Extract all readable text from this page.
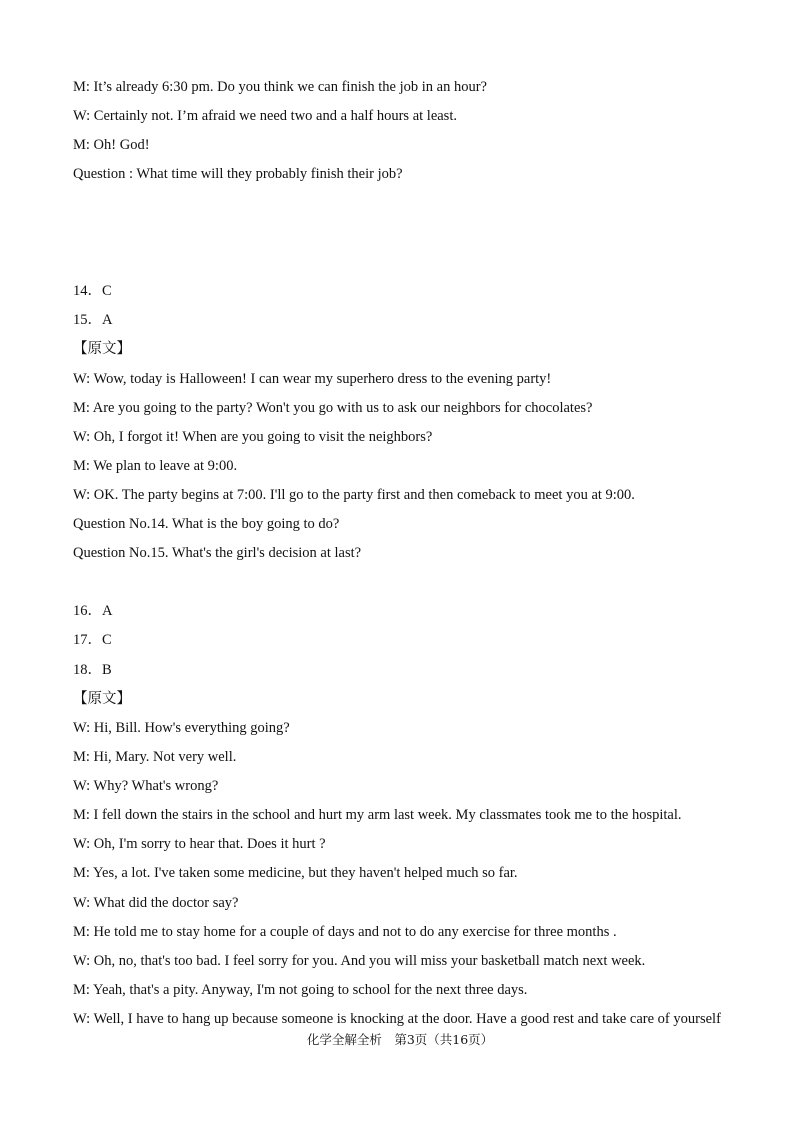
M: It’s already 6:30 pm. Do you think we can finish the job in an hour?
W: Certainly not. I’m afraid we need two and a half hours at least.
M: Oh! God!
Question : What time will they probably finish their job?
14．C
15．A
【原文】
W: Wow, today is Halloween! I can wear my superhero dress to the evening party!
M: Are you going to the party? Won't you go with us to ask our neighbors for chocolates?
W: Oh, I forgot it! When are you going to visit the neighbors?
M: We plan to leave at 9:00.
W: OK. The party begins at 7:00. I'll go to the party first and then comeback to meet you at 9:00.
Question No.14. What is the boy going to do?
Question No.15. What's the girl's decision at last?
16．A
17．C
18．B
【原文】
W: Hi, Bill. How's everything going?
M: Hi, Mary. Not very well.
W: Why? What's wrong?
M: I fell down the stairs in the school and hurt my arm last week. My classmates took me to the hospital.
W: Oh, I'm sorry to hear that. Does it hurt ?
M: Yes, a lot. I've taken some medicine, but they haven't helped much so far.
W: What did the doctor say?
M: He told me to stay home for a couple of days and not to do any exercise for three months .
W: Oh, no, that's too bad. I feel sorry for you. And you will miss your basketball match next week.
M: Yeah, that's a pity. Anyway, I'm not going to school for the next three days.
W: Well, I have to hang up because someone is knocking at the door. Have a good rest and take care of yourself
化学全解全析　第3页（共16页）
